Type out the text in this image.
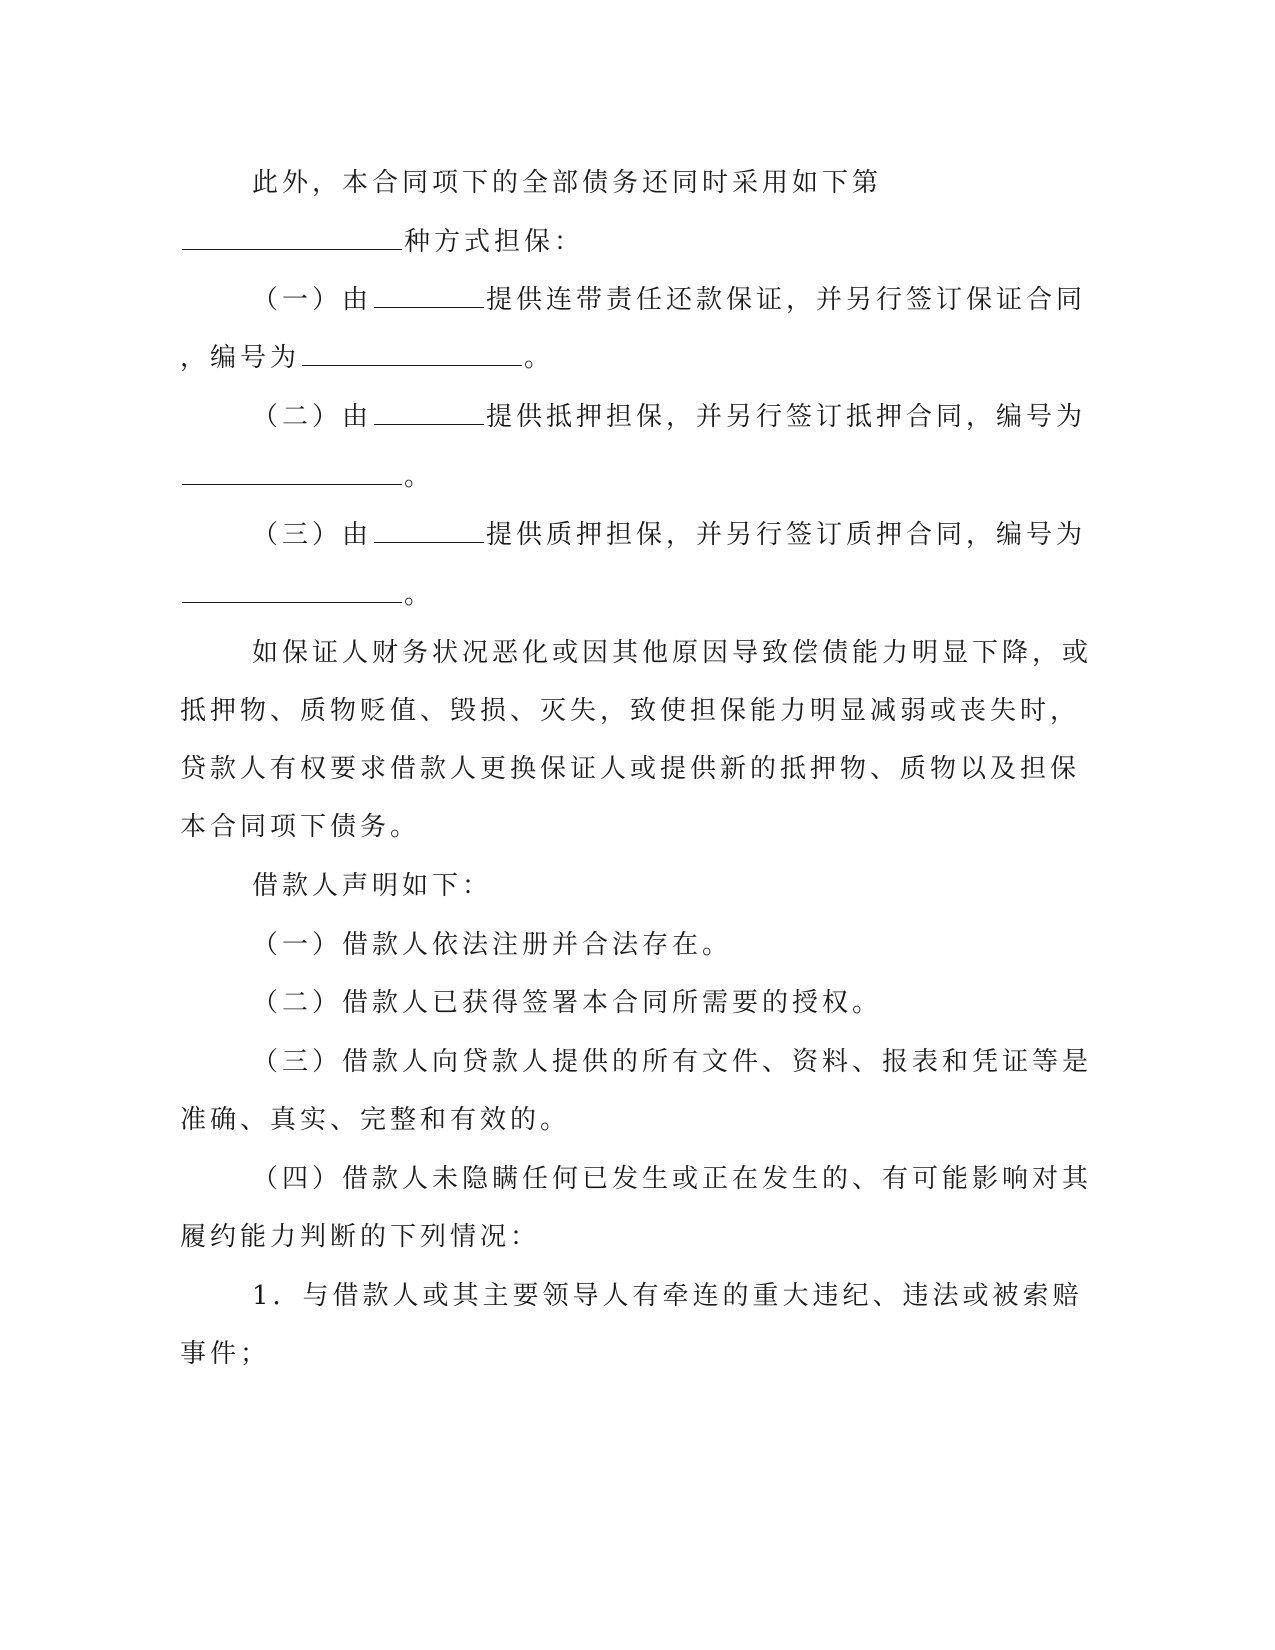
此外，本合同项下的全部债务还同时采用如下第
种方式担保：
（一）由	提供连带责任还款保证，并另行签订保证合同
，编号为	。
（二）由	提供抵押担保，并另行签订抵押合同，编号为
。
（三）由	提供质押担保，并另行签订质押合同，编号为
。
如保证人财务状况恶化或因其他原因导致偿债能力明显下降，或
抵押物、质物贬值、毁损、灭失，致使担保能力明显减弱或丧失时，
贷款人有权要求借款人更换保证人或提供新的抵押物、质物以及担保
本合同项下债务。
借款人声明如下：
（一）借款人依法注册并合法存在。
（二）借款人已获得签署本合同所需要的授权。
（三）借款人向贷款人提供的所有文件、资料、报表和凭证等是
准确、真实、完整和有效的。
（四）借款人未隐瞒任何已发生或正在发生的、有可能影响对其
履约能力判断的下列情况：
1．与借款人或其主要领导人有牵连的重大违纪、违法或被索赔
事件；
